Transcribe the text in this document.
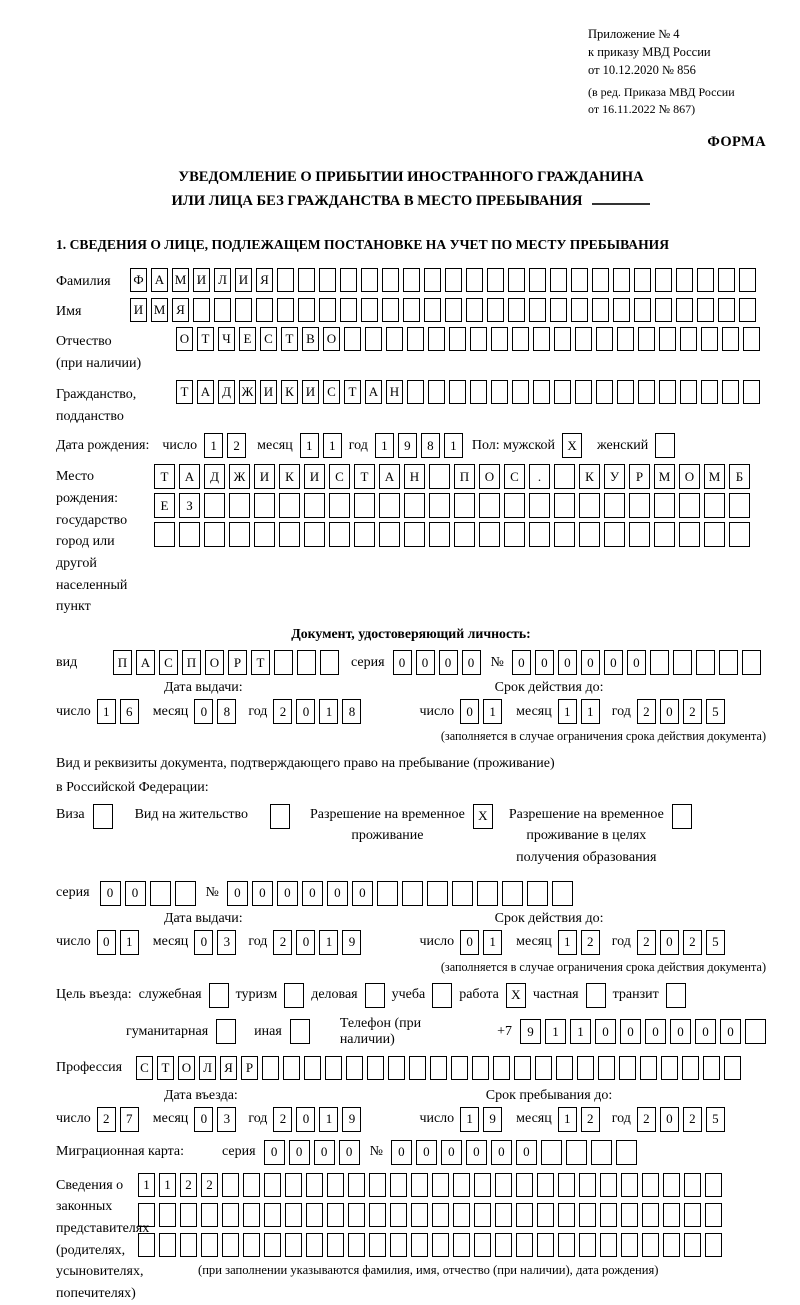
Приложение № 4
к приказу МВД России
от 10.12.2020 № 856
(в ред. Приказа МВД России
от 16.11.2022 № 867)
ФОРМА
УВЕДОМЛЕНИЕ О ПРИБЫТИИ ИНОСТРАННОГО ГРАЖДАНИНА
ИЛИ ЛИЦА БЕЗ ГРАЖДАНСТВА В МЕСТО ПРЕБЫВАНИЯ
1. СВЕДЕНИЯ О ЛИЦЕ, ПОДЛЕЖАЩЕМ ПОСТАНОВКЕ НА УЧЕТ ПО МЕСТУ ПРЕБЫВАНИЯ
Фамилия	Ф А М И Л И Я
Имя	И М Я
Отчество
(при наличии)
О Т Ч Е С Т В О
Гражданство,
подданство
Т А Д Ж И К И С Т А Н
Дата рождения: число	1	2	месяц	1	1 год	1	9	8	1	Пол: мужской X	женский
Место рождения:
государство
город или другой
населенный пункт
Т	А	Д	Ж	И	К	И	С	Т	А	Н	П	О	С	.	К	У	Р	М	О	М	Б
Е	З
Документ, удостоверяющий личность:
вид	П	А	С	П	О	Р	Т	серия	0	0	0	0	№	0	0	0	0	0	0
Дата выдачи:	Срок действия до:
число 1	6	месяц 0	8	год 2	0	1	8	число 0	1	месяц 1	1	год 2	0	2	5
(заполняется в случае ограничения срока действия документа)
Вид и реквизиты документа, подтверждающего право на пребывание (проживание)
в Российской Федерации:
Виза	Вид на жительство	Разрешение на временное
проживание
X	Разрешение на временное
проживание в целях
получения образования
серия	0	0	№	0	0	0	0	0	0
Дата выдачи:	Срок действия до:
число 0	1	месяц 0	3	год 2	0	1	9	число 0	1	месяц 1	2	год 2	0	2	5
(заполняется в случае ограничения срока действия документа)
Цель въезда: служебная туризм деловая учеба работа X частная транзит
гуманитарная	иная
Телефон (при наличии)
+7	9	1	1	0	0	0	0	0	0
Профессия	С Т О Л Я	Р
Дата въезда:	Срок пребывания до:
число 2	7	месяц 0	3	год 2	0	1	9	число 1	9	месяц 1	2	год 2	0	2	5
Миграционная карта:	серия	0	0	0	0	№	0	0	0	0	0	0
Сведения о
законных
представителях
(родителях,
усыновителях,
попечителях)
1	1	2	2
(при заполнении указываются фамилия, имя, отчество (при наличии), дата рождения)
